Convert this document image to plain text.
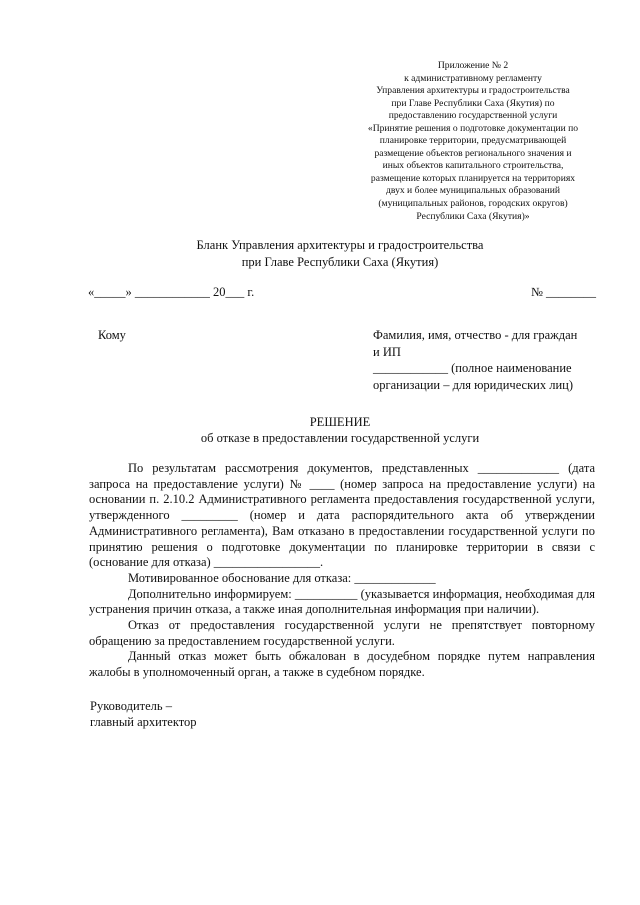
Приложение № 2
к административному регламенту
Управления архитектуры и градостроительства
при Главе Республики Саха (Якутия) по
предоставлению государственной услуги
«Принятие решения о подготовке документации по
планировке территории, предусматривающей
размещение объектов регионального значения и
иных объектов капитального строительства,
размещение которых планируется на территориях
двух и более муниципальных образований
(муниципальных районов, городских округов)
Республики Саха (Якутия)»
Бланк Управления архитектуры и градостроительства
при Главе Республики Саха (Якутия)
«_____» ____________ 20___ г.	№ ________
Кому	Фамилия, имя, отчество - для граждан
и ИП
____________ (полное наименование
организации – для юридических лиц)
РЕШЕНИЕ
об отказе в предоставлении государственной услуги

По результатам рассмотрения документов, представленных _____________ (дата запроса на предоставление услуги) № ____ (номер запроса на предоставление услуги) на основании п. 2.10.2 Административного регламента предоставления государственной услуги, утвержденного _________ (номер и дата распорядительного акта об утверждении Административного регламента), Вам отказано в предоставлении государственной услуги по принятию решения о подготовке документации по планировке территории в связи с (основание для отказа) _________________.

Мотивированное обоснование для отказа: _____________

Дополнительно информируем: __________ (указывается информация, необходимая для устранения причин отказа, а также иная дополнительная информация при наличии).

Отказ от предоставления государственной услуги не препятствует повторному обращению за предоставлением государственной услуги.

Данный отказ может быть обжалован в досудебном порядке путем направления жалобы в уполномоченный орган, а также в судебном порядке.

Руководитель –
главный архитектор
